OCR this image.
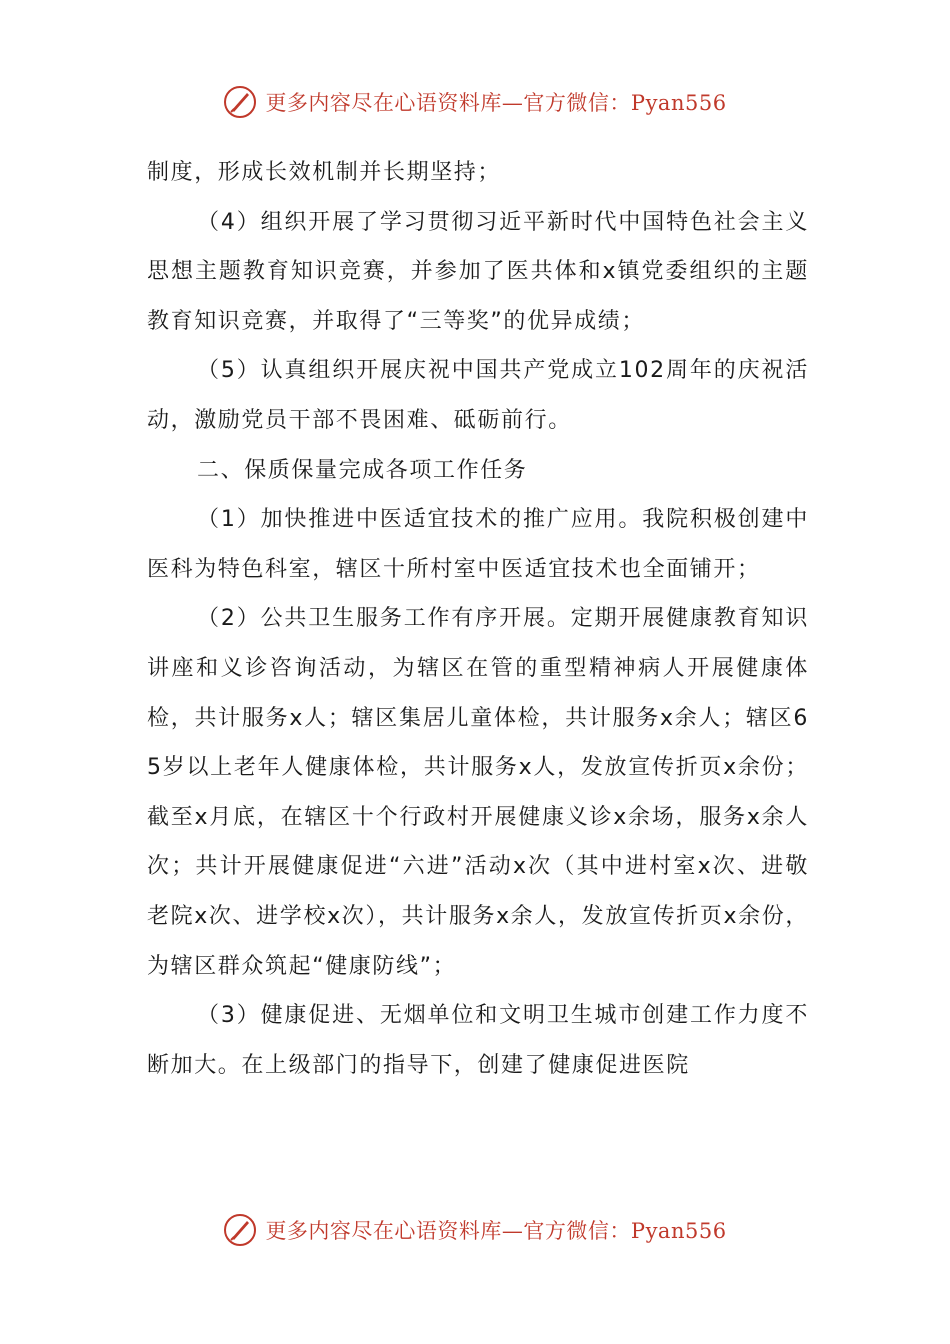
更多内容尽在心语资料库—官方微信：Pyan556

制度，形成长效机制并长期坚持；

（4）组织开展了学习贯彻习近平新时代中国特色社会主义思想主题教育知识竞赛，并参加了医共体和x镇党委组织的主题教育知识竞赛，并取得了“三等奖”的优异成绩；

（5）认真组织开展庆祝中国共产党成立102周年的庆祝活动，激励党员干部不畏困难、砥砺前行。

二、保质保量完成各项工作任务

（1）加快推进中医适宜技术的推广应用。我院积极创建中医科为特色科室，辖区十所村室中医适宜技术也全面铺开；

（2）公共卫生服务工作有序开展。定期开展健康教育知识讲座和义诊咨询活动，为辖区在管的重型精神病人开展健康体检，共计服务x人；辖区集居儿童体检，共计服务x余人；辖区65岁以上老年人健康体检，共计服务x人，发放宣传折页x余份；截至x月底，在辖区十个行政村开展健康义诊x余场，服务x余人次；共计开展健康促进“六进”活动x次（其中进村室x次、进敬老院x次、进学校x次），共计服务x余人，发放宣传折页x余份，为辖区群众筑起“健康防线”；

（3）健康促进、无烟单位和文明卫生城市创建工作力度不断加大。在上级部门的指导下，创建了健康促进医院

更多内容尽在心语资料库—官方微信：Pyan556
